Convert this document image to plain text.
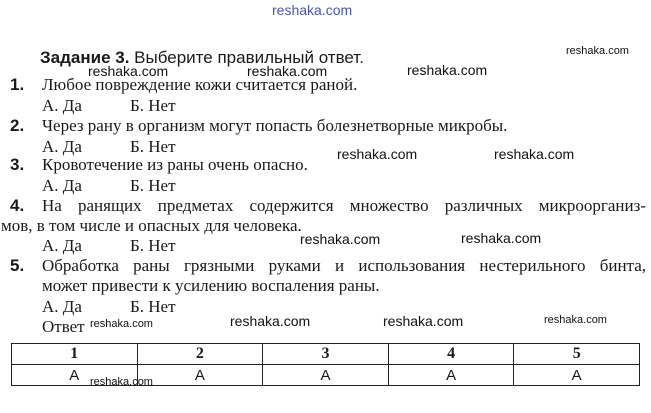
reshaka.com
reshaka.com
reshaka.com	reshaka.com	reshaka.com
reshaka.com	reshaka.com
reshaka.com	reshaka.com
reshaka.com	reshaka.com	reshaka.com	reshaka.com
reshaka.com
Задание 3. Выберите правильный ответ.
1. Любое повреждение кожи считается раной.
А. Да	Б. Нет
2. Через рану в организм могут попасть болезнетворные микробы.
А. Да	Б. Нет
3. Кровотечение из раны очень опасно.
А. Да	Б. Нет
4. На ранящих предметах содержится множество различных микроорганиз-
мов, в том числе и опасных для человека.
А. Да	Б. Нет
5. Обработка раны грязными руками и использования нестерильного бинта,
может привести к усилению воспаления раны.
А. Да	Б. Нет
Ответ
1	2	3	4	5
А	А	А	А	А
